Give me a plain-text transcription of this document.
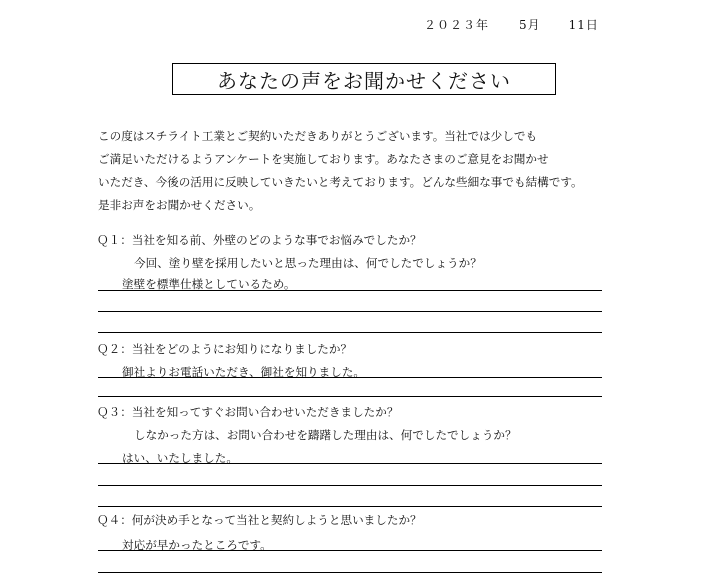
２０２３年	5月 11日
あなたの声をお聞かせください
この度はスチライト工業とご契約いただきありがとうございます。当社では少しでも
ご満足いただけるようアンケートを実施しております。あなたさまのご意見をお聞かせ
いただき、今後の活用に反映していきたいと考えております。どんな些細な事でも結構です。
是非お声をお聞かせください。
Ｑ１：当社を知る前、外壁のどのような事でお悩みでしたか？
今回、塗り壁を採用したいと思った理由は、何でしたでしょうか？
塗壁を標準仕様としているため。
Ｑ２：当社をどのようにお知りになりましたか？
御社よりお電話いただき、御社を知りました。
Ｑ３：当社を知ってすぐお問い合わせいただきましたか？
しなかった方は、お問い合わせを躊躇した理由は、何でしたでしょうか？
はい、いたしました。
Ｑ４：何が決め手となって当社と契約しようと思いましたか？
対応が早かったところです。
